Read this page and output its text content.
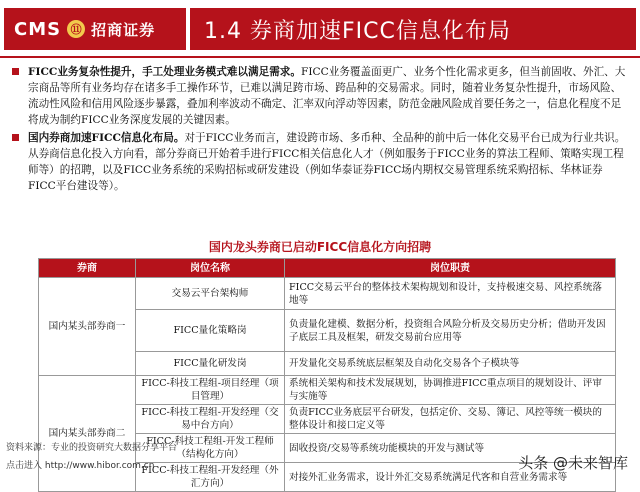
CMS ⑪ 招商证券 1.4 券商加速FICC信息化布局
FICC业务复杂性提升，手工处理业务模式难以满足需求。FICC业务覆盖面更广、业务个性化需求更多，但当前固收、外汇、大宗商品等所有业务均存在诸多手工操作环节，已难以满足跨市场、跨品种的交易需求。同时，随着业务复杂性提升，市场风险、流动性风险和信用风险逐步暴露，叠加利率波动不确定、汇率双向浮动等因素，防范金融风险成首要任务之一，信息化程度不足将成为制约FICC业务深度发展的关键因素。
国内券商加速FICC信息化布局。对于FICC业务而言，建设跨市场、多币种、全品种的前中后一体化交易平台已成为行业共识。从券商信息化投入方向看，部分券商已开始着手进行FICC相关信息化人才（例如服务于FICC业务的算法工程师、策略实现工程师等）的招聘，以及FICC业务系统的采购招标或研发建设（例如华泰证券FICC场内期权交易管理系统采购招标、华林证券FICC平台建设等）。
国内龙头券商已启动FICC信息化方向招聘
券商	岗位名称	岗位职责
国内某头部券商一	交易云平台架构师	FICC交易云平台的整体技术架构规划和设计，支持极速交易、风控系统落地等
	FICC量化策略岗	负责量化建模、数据分析，投资组合风险分析及交易历史分析；借助开发因子底层工具及框架，研发交易前台应用等
	FICC量化研发岗	开发量化交易系统底层框架及自动化交易各个子模块等
国内某头部券商二	FICC-科技工程组-项目经理（项目管理）	系统相关架构和技术发展规划，协调推进FICC重点项目的规划设计、评审与实施等
	FICC-科技工程组-开发经理（交易中台方向）	负责FICC业务底层平台研发，包括定价、交易、簿记、风控等统一模块的整体设计和接口定义等
	FICC-科技工程组-开发工程师（结构化方向）	固收投资/交易等系统功能模块的开发与测试等
	FICC-科技工程组-开发经理（外汇方向）	对接外汇业务需求，设计外汇交易系统满足代客和自营业务需求等
资料来源：专业的投资研究大数据分享平台
点击进入 http://www.hibor.com.cn	头条 @未来智库
